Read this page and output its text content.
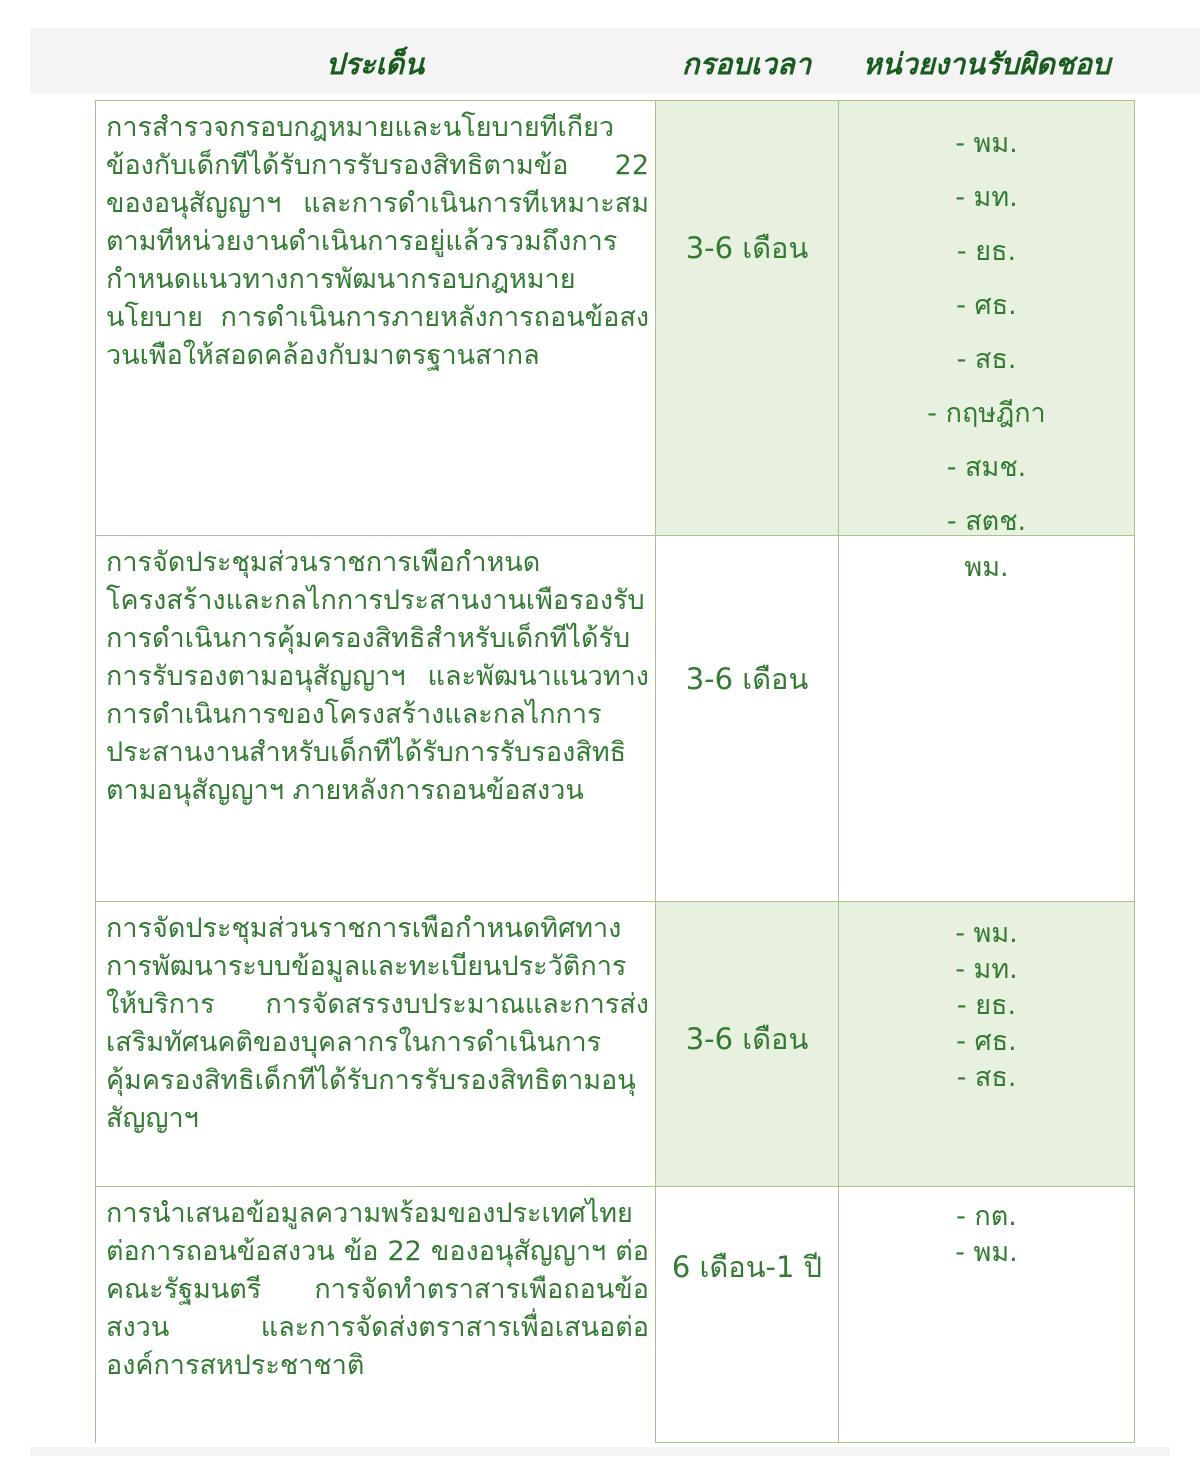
ประเด็น	กรอบเวลา	หน่วยงานรับผิดชอบ
การสำรวจกรอบกฎหมายและนโยบายทีเกียวข้องกับเด็กทีได้รับการรับรองสิทธิตามข้อ 22 ของอนุสัญญาฯ และการดำเนินการทีเหมาะสมตามทีหน่วยงานดำเนินการอยู่แล้วรวมถึงการกำหนดแนวทางการพัฒนากรอบกฎหมาย นโยบาย การดำเนินการภายหลังการถอนข้อสงวนเพือให้สอดคล้องกับมาตรฐานสากล
3-6 เดือน
- พม.
- มท.
- ยธ.
- ศธ.
- สธ.
- กฤษฎีกา
- สมช.
- สตช.
การจัดประชุมส่วนราชการเพือกำหนดโครงสร้างและกลไกการประสานงานเพือรองรับการดำเนินการคุ้มครองสิทธิสำหรับเด็กทีได้รับการรับรองตามอนุสัญญาฯ และพัฒนาแนวทางการดำเนินการของโครงสร้างและกลไกการประสานงานสำหรับเด็กทีได้รับการรับรองสิทธิตามอนุสัญญาฯ ภายหลังการถอนข้อสงวน
3-6 เดือน
พม.
การจัดประชุมส่วนราชการเพือกำหนดทิศทางการพัฒนาระบบข้อมูลและทะเบียนประวัติการให้บริการ การจัดสรรงบประมาณและการส่งเสริมทัศนคติของบุคลากรในการดำเนินการคุ้มครองสิทธิเด็กทีได้รับการรับรองสิทธิตามอนุสัญญาฯ
3-6 เดือน
- พม.
- มท.
- ยธ.
- ศธ.
- สธ.
การนำเสนอข้อมูลความพร้อมของประเทศไทยต่อการถอนข้อสงวน ข้อ 22 ของอนุสัญญาฯ ต่อคณะรัฐมนตรี การจัดทำตราสารเพือถอนข้อสงวน และการจัดส่งตราสารเพื่อเสนอต่อองค์การสหประชาชาติ
6 เดือน-1 ปี
- กต.
- พม.
